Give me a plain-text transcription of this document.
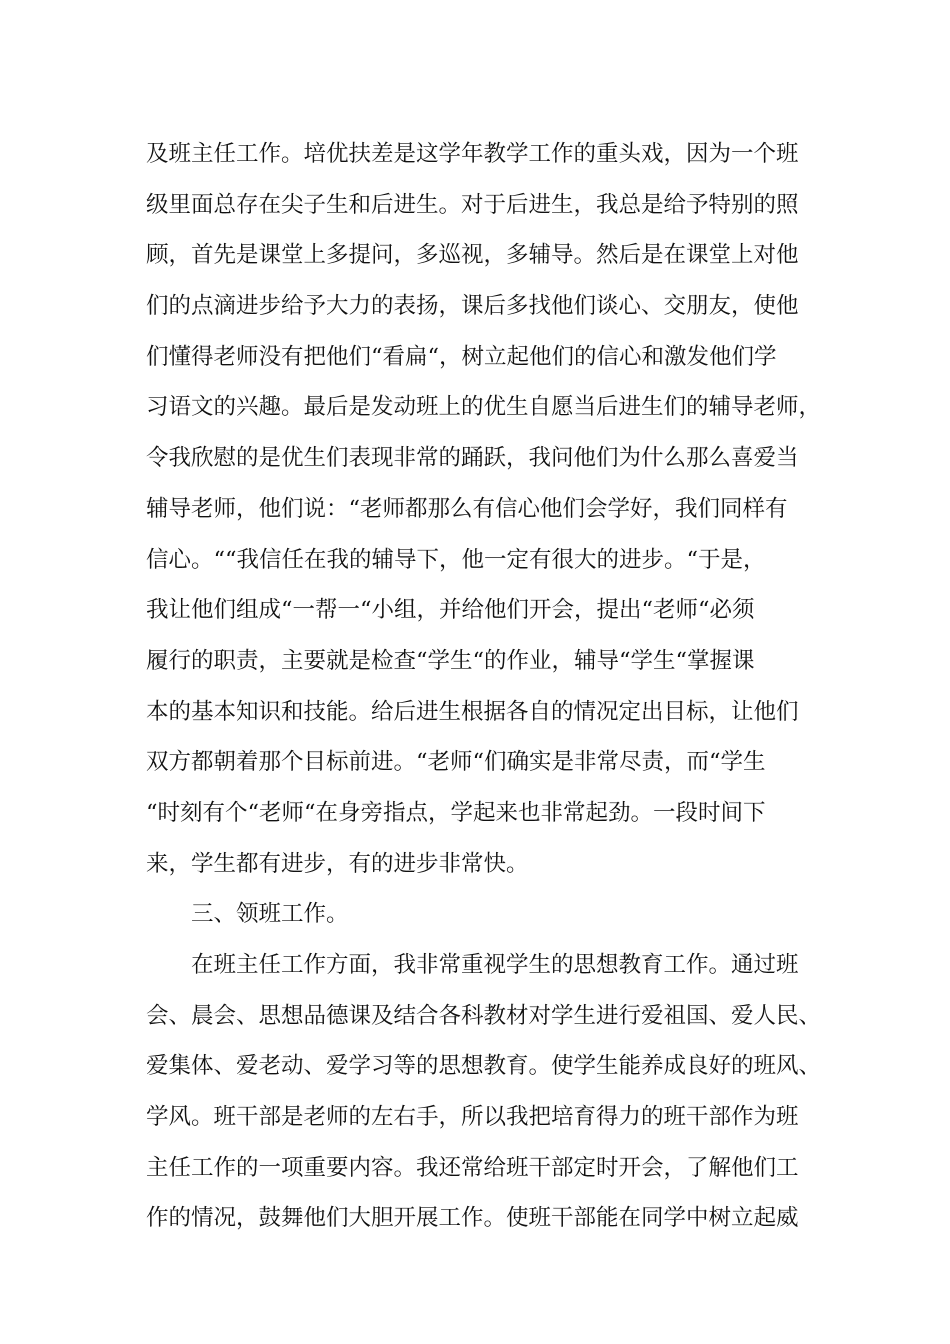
及班主任工作。培优扶差是这学年教学工作的重头戏，因为一个班
级里面总存在尖子生和后进生。对于后进生，我总是给予特别的照
顾，首先是课堂上多提问，多巡视，多辅导。然后是在课堂上对他
们的点滴进步给予大力的表扬，课后多找他们谈心、交朋友，使他
们懂得老师没有把他们“看扁“，树立起他们的信心和激发他们学
习语文的兴趣。最后是发动班上的优生自愿当后进生们的辅导老师，
令我欣慰的是优生们表现非常的踊跃，我问他们为什么那么喜爱当
辅导老师，他们说：“老师都那么有信心他们会学好，我们同样有
信心。““我信任在我的辅导下，他一定有很大的进步。“于是，
我让他们组成“一帮一“小组，并给他们开会，提出“老师“必须
履行的职责，主要就是检查“学生“的作业，辅导“学生“掌握课
本的基本知识和技能。给后进生根据各自的情况定出目标，让他们
双方都朝着那个目标前进。“老师“们确实是非常尽责，而“学生
“时刻有个“老师“在身旁指点，学起来也非常起劲。一段时间下
来，学生都有进步，有的进步非常快。
三、领班工作。
在班主任工作方面，我非常重视学生的思想教育工作。通过班
会、晨会、思想品德课及结合各科教材对学生进行爱祖国、爱人民、
爱集体、爱老动、爱学习等的思想教育。使学生能养成良好的班风、
学风。班干部是老师的左右手，所以我把培育得力的班干部作为班
主任工作的一项重要内容。我还常给班干部定时开会，了解他们工
作的情况，鼓舞他们大胆开展工作。使班干部能在同学中树立起威
